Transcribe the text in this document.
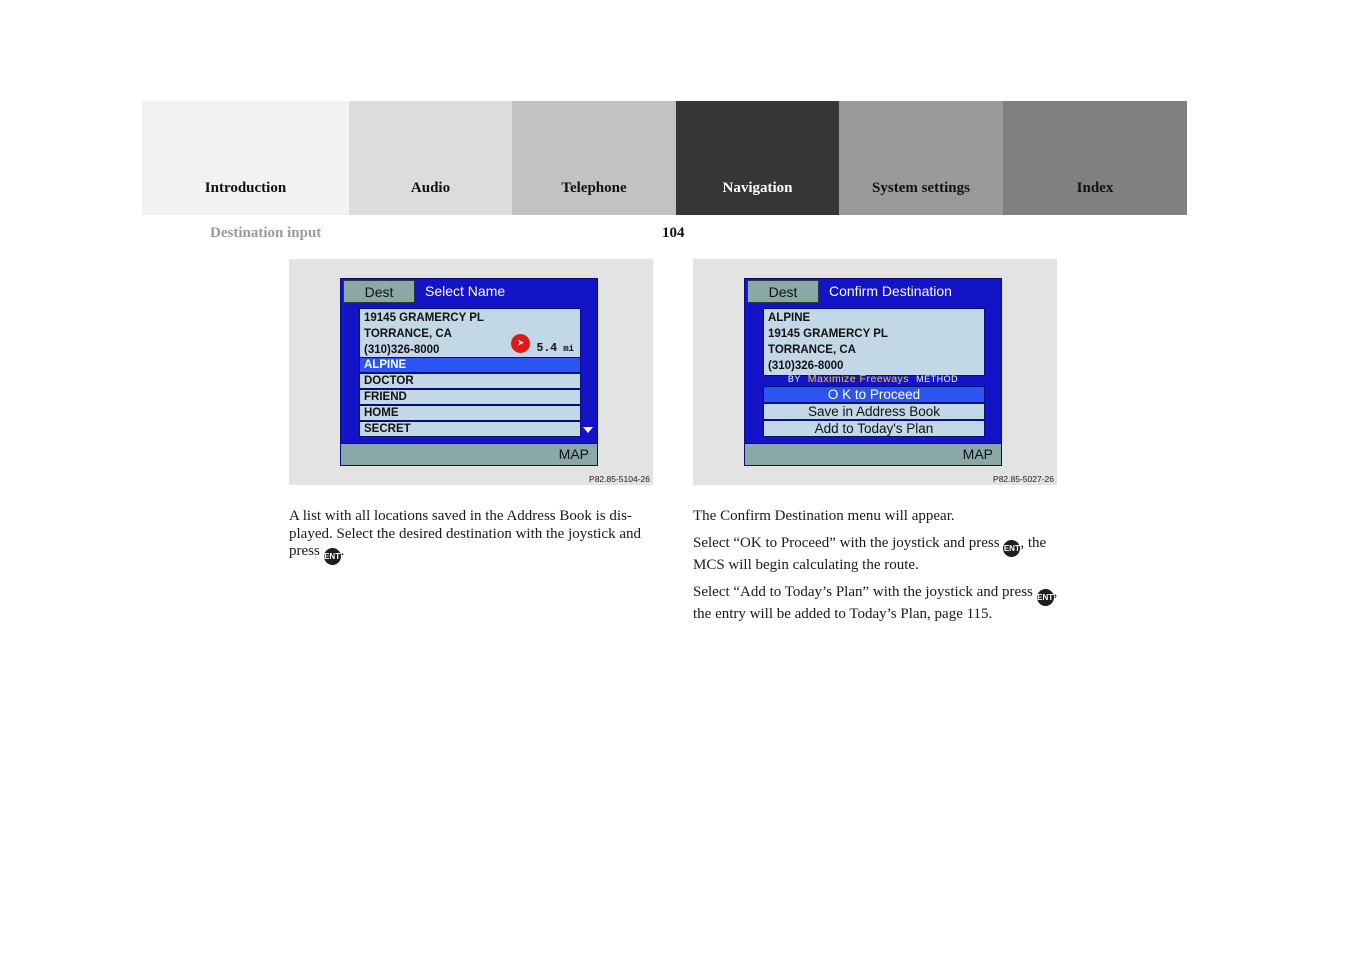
Introduction	Audio	Telephone	Navigation	System settings	Index
Destination input	104
Dest	Select Name
19145 GRAMERCY PL
TORRANCE, CA
(310)326-8000	➤	5.4 mi
ALPINE
DOCTOR
FRIEND
HOME
SECRET
MAP
P82.85-5104-26
Dest	Confirm Destination
ALPINE
19145 GRAMERCY PL
TORRANCE, CA
(310)326-8000
BY Maximize Freeways METHOD
O K to Proceed
Save in Address Book
Add to Today's Plan
MAP
P82.85-5027-26

A list with all locations saved in the Address Book is dis-played. Select the desired destination with the joystick and press ENT.

The Confirm Destination menu will appear.

Select “OK to Proceed” with the joystick and press ENT, the MCS will begin calculating the route.

Select “Add to Today’s Plan” with the joystick and press ENT, the entry will be added to Today’s Plan, page 115.
